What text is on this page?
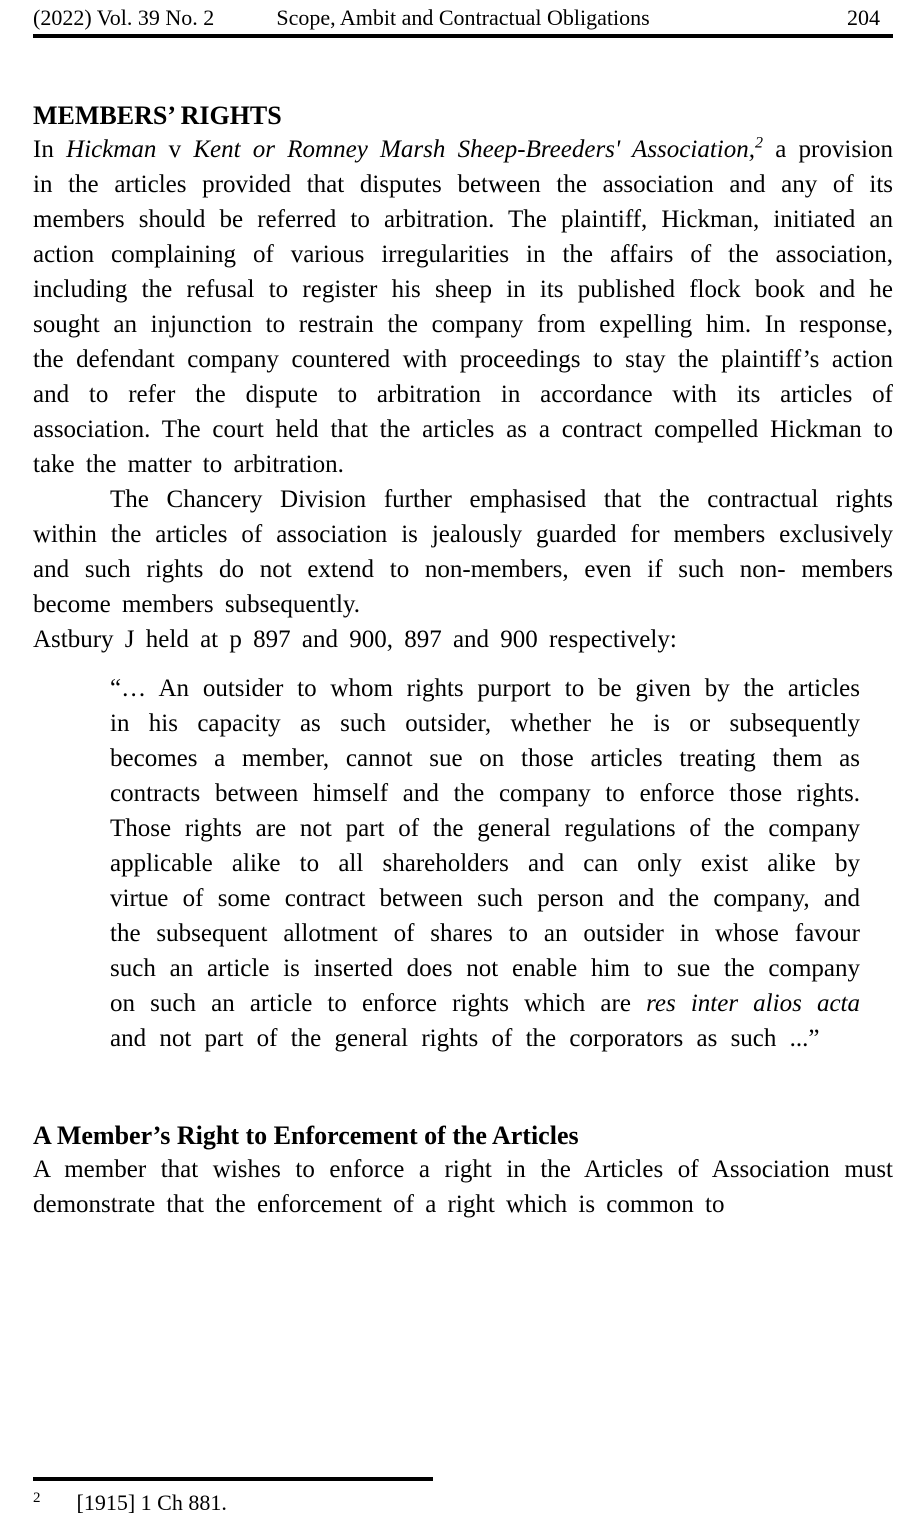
(2022) Vol. 39 No. 2	Scope, Ambit and Contractual Obligations	204
MEMBERS’ RIGHTS

In Hickman v Kent or Romney Marsh Sheep-Breeders' Association,$^2$ a provision in the articles provided that disputes between the association and any of its members should be referred to arbitration. The plaintiff, Hickman, initiated an action complaining of various irregularities in the affairs of the association, including the refusal to register his sheep in its published flock book and he sought an injunction to restrain the company from expelling him. In response, the defendant company countered with proceedings to stay the plaintiff’s action and to refer the dispute to arbitration in accordance with its articles of association. The court held that the articles as a contract compelled Hickman to take the matter to arbitration.

The Chancery Division further emphasised that the contractual rights within the articles of association is jealously guarded for members exclusively and such rights do not extend to non-members, even if such non- members become members subsequently.

Astbury J held at p 897 and 900, 897 and 900 respectively:

“… An outsider to whom rights purport to be given by the articles in his capacity as such outsider, whether he is or subsequently becomes a member, cannot sue on those articles treating them as contracts between himself and the company to enforce those rights. Those rights are not part of the general regulations of the company applicable alike to all shareholders and can only exist alike by virtue of some contract between such person and the company, and the subsequent allotment of shares to an outsider in whose favour such an article is inserted does not enable him to sue the company on such an article to enforce rights which are res inter alios acta and not part of the general rights of the corporators as such ...”
A Member’s Right to Enforcement of the Articles

A member that wishes to enforce a right in the Articles of Association must demonstrate that the enforcement of a right which is common to

2 [1915] 1 Ch 881.
